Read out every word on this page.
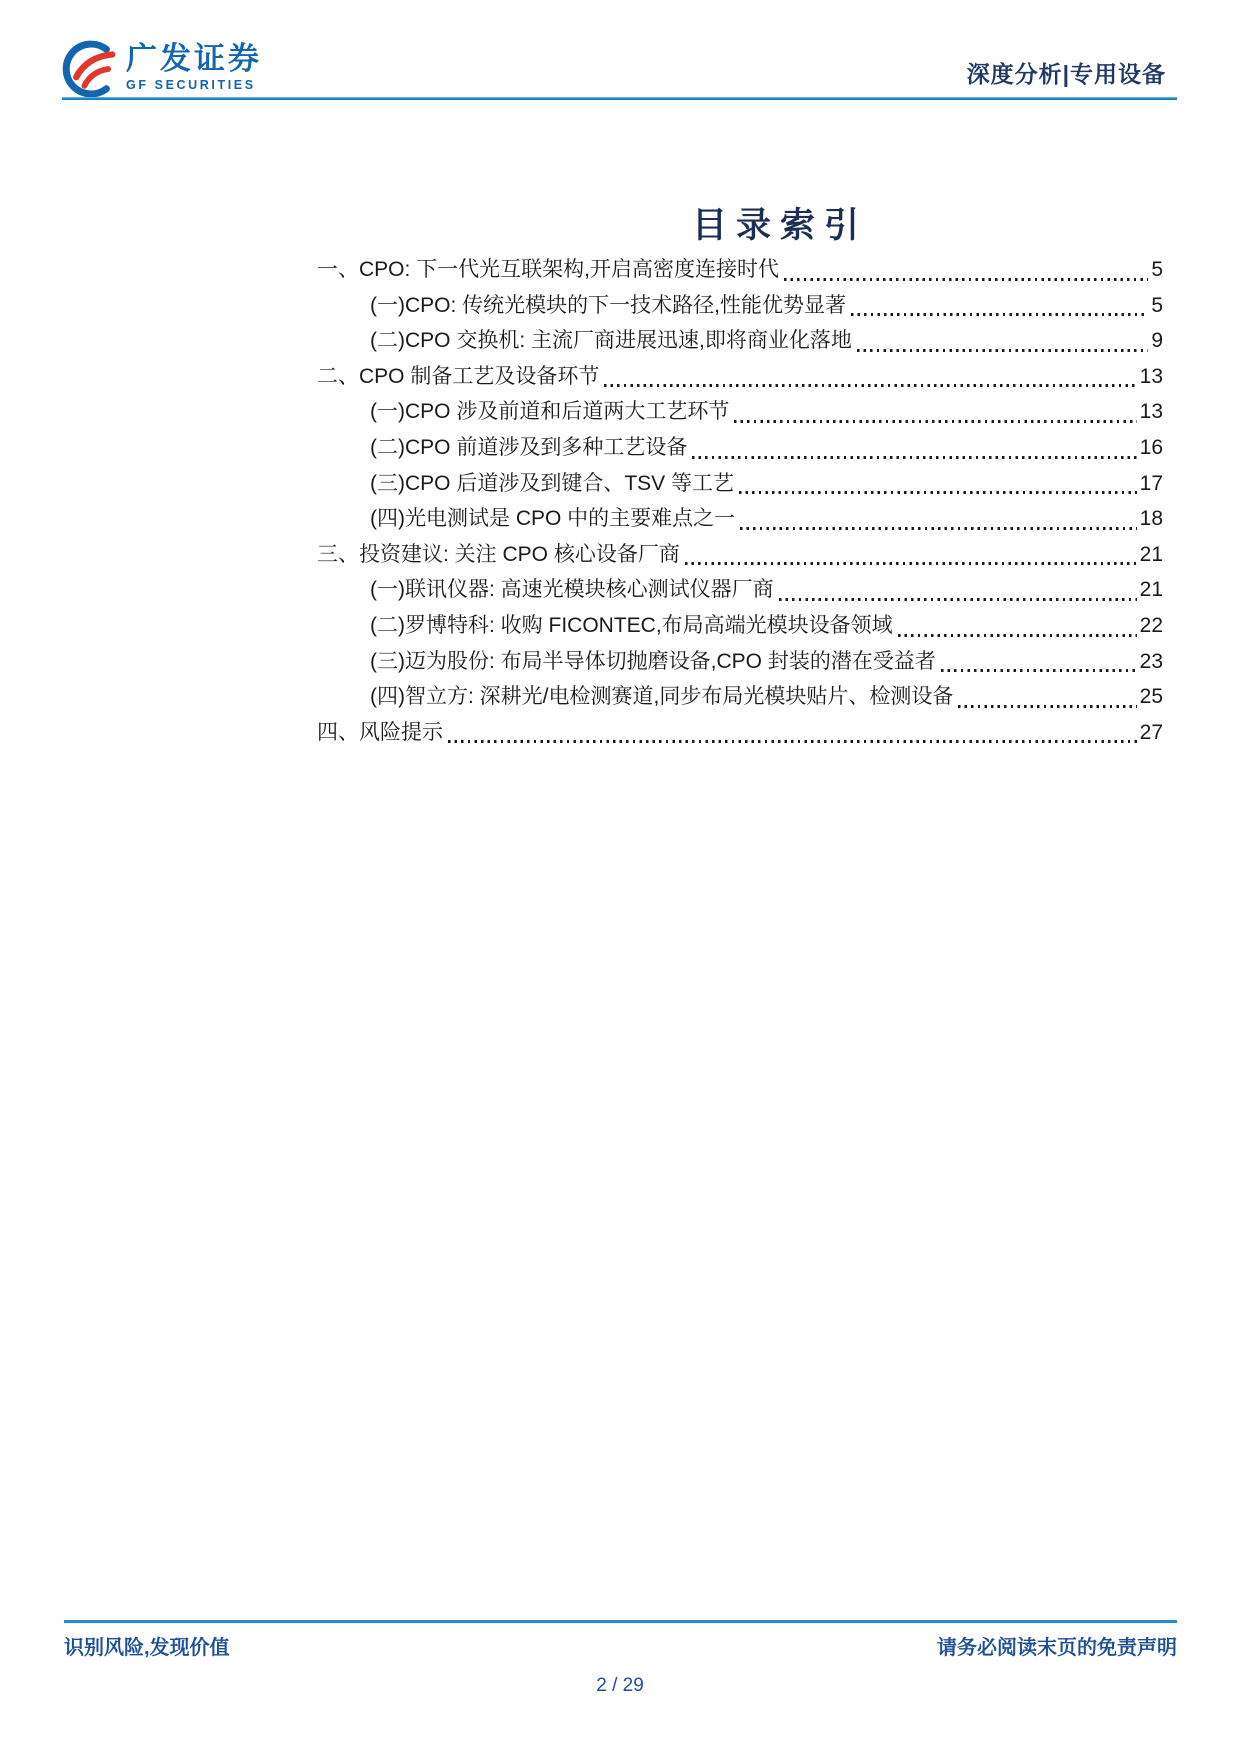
广发证券
GF SECURITIES	深度分析|专用设备
目录索引
一、CPO: 下一代光互联架构,开启高密度连接时代	5
(一)CPO: 传统光模块的下一技术路径,性能优势显著	5
(二)CPO 交换机: 主流厂商进展迅速,即将商业化落地	9
二、CPO 制备工艺及设备环节	13
(一)CPO 涉及前道和后道两大工艺环节	13
(二)CPO 前道涉及到多种工艺设备	16
(三)CPO 后道涉及到键合、TSV 等工艺	17
(四)光电测试是 CPO 中的主要难点之一	18
三、投资建议: 关注 CPO 核心设备厂商	21
(一)联讯仪器: 高速光模块核心测试仪器厂商	21
(二)罗博特科: 收购 FICONTEC,布局高端光模块设备领域	22
(三)迈为股份: 布局半导体切抛磨设备,CPO 封装的潜在受益者	23
(四)智立方: 深耕光/电检测赛道,同步布局光模块贴片、检测设备	25
四、风险提示	27
识别风险,发现价值	请务必阅读末页的免责声明
2 / 29
